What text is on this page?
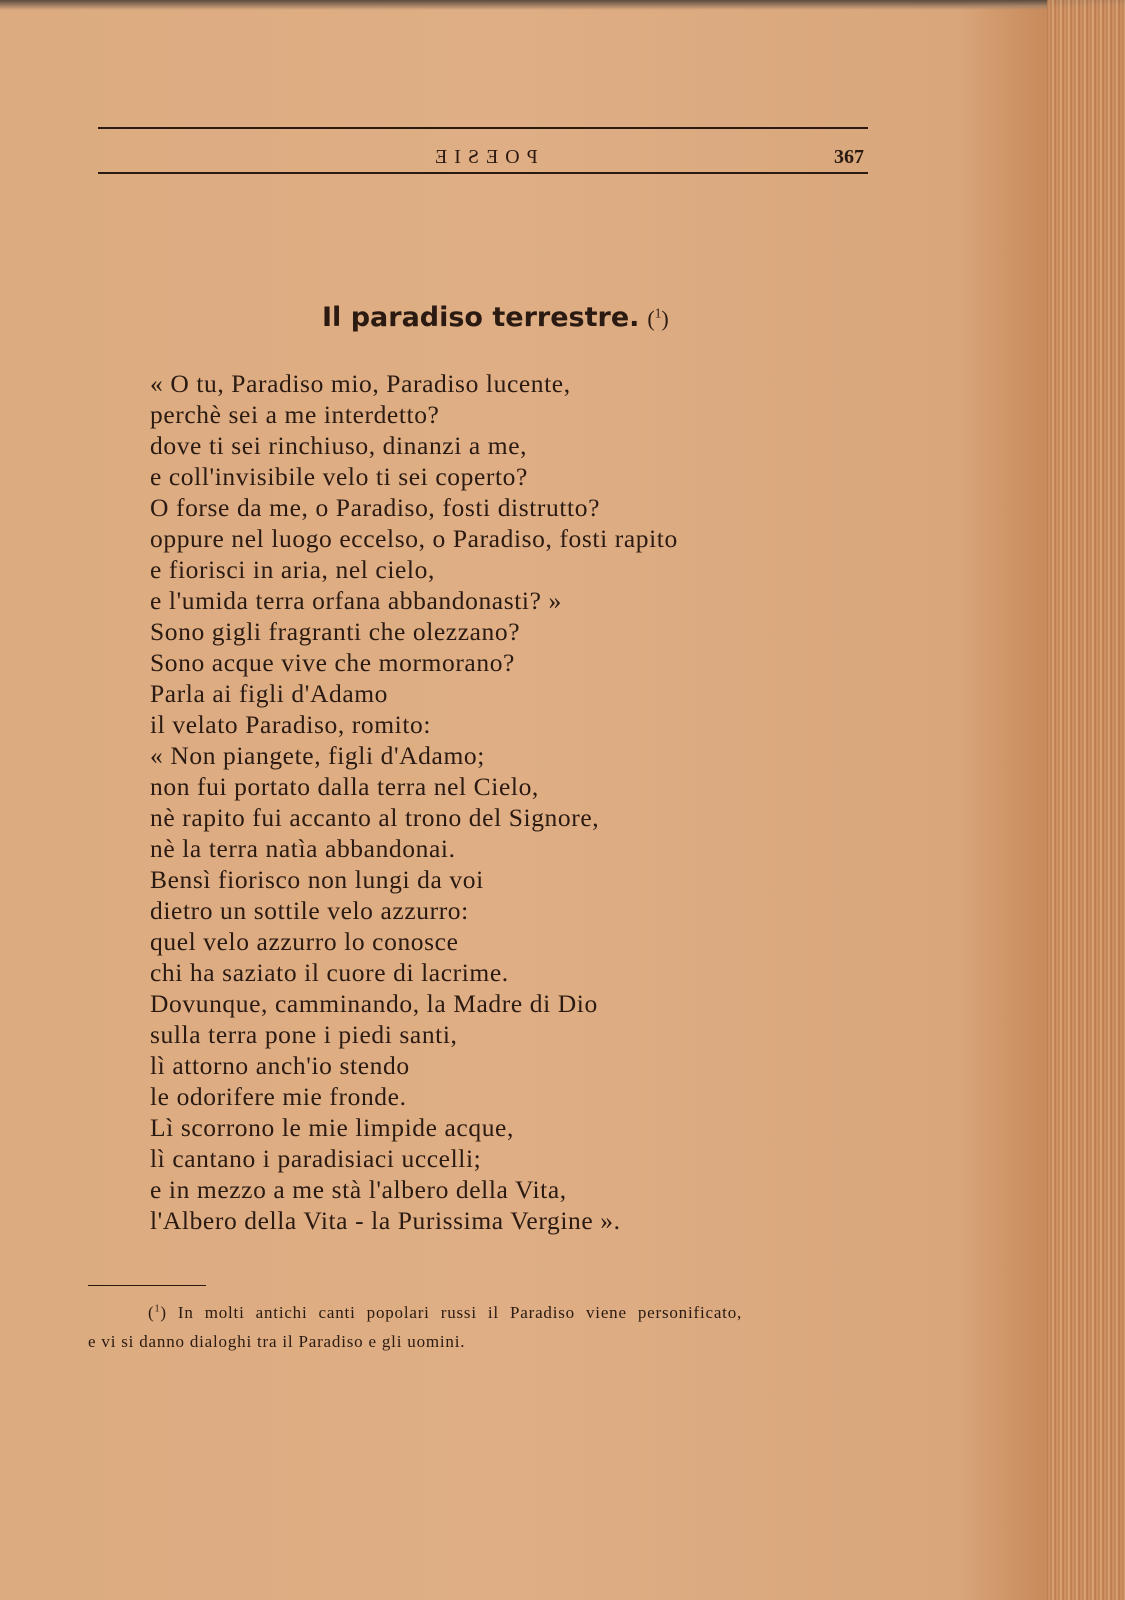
POESIE	367
Il paradiso terrestre. ($^1$)
« O tu, Paradiso mio, Paradiso lucente,
perchè sei a me interdetto?
dove ti sei rinchiuso, dinanzi a me,
e coll'invisibile velo ti sei coperto?
O forse da me, o Paradiso, fosti distrutto?
oppure nel luogo eccelso, o Paradiso, fosti rapito
e fiorisci in aria, nel cielo,
e l'umida terra orfana abbandonasti? »
Sono gigli fragranti che olezzano?
Sono acque vive che mormorano?
Parla ai figli d'Adamo
il velato Paradiso, romito:
« Non piangete, figli d'Adamo;
non fui portato dalla terra nel Cielo,
nè rapito fui accanto al trono del Signore,
nè la terra natìa abbandonai.
Bensì fiorisco non lungi da voi
dietro un sottile velo azzurro:
quel velo azzurro lo conosce
chi ha saziato il cuore di lacrime.
Dovunque, camminando, la Madre di Dio
sulla terra pone i piedi santi,
lì attorno anch'io stendo
le odorifere mie fronde.
Lì scorrono le mie limpide acque,
lì cantano i paradisiaci uccelli;
e in mezzo a me stà l'albero della Vita,
l'Albero della Vita - la Purissima Vergine ».
($^1$) In molti antichi canti popolari russi il Paradiso viene personificato,
e vi si danno dialoghi tra il Paradiso e gli uomini.
